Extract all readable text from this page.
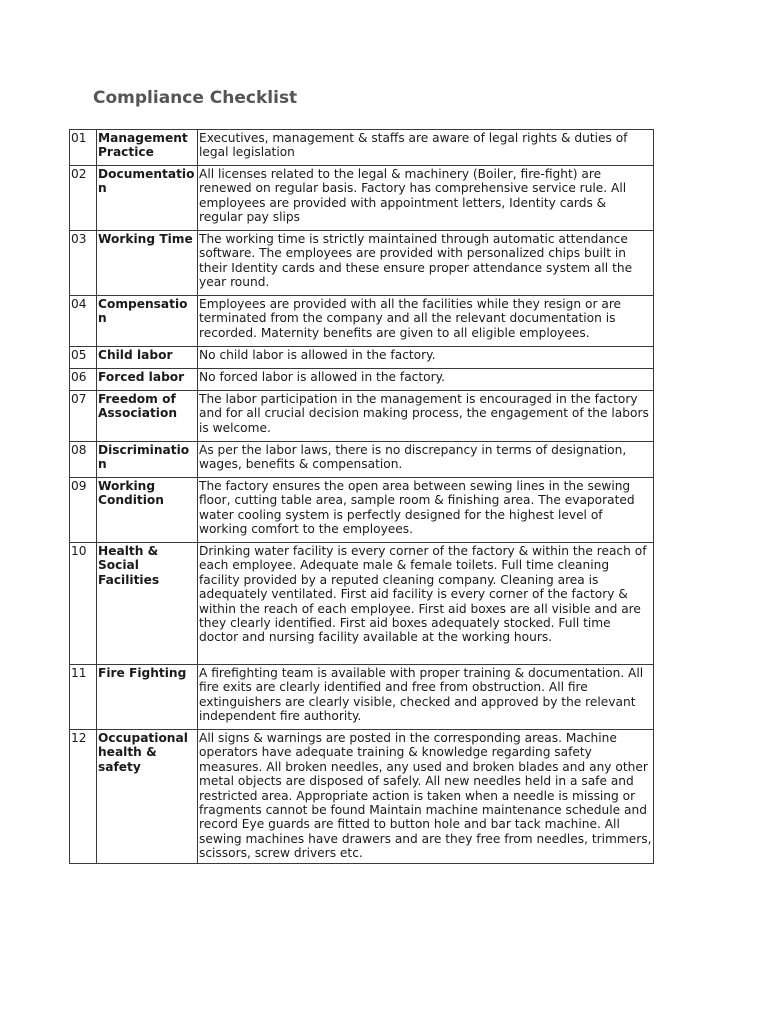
Compliance Checklist
01	Management Practice	Executives, management & staffs are aware of legal rights & duties of legal legislation
02	Documentation	All licenses related to the legal & machinery (Boiler, fire-fight) are renewed on regular basis. Factory has comprehensive service rule. All employees are provided with appointment letters, Identity cards & regular pay slips
03	Working Time	The working time is strictly maintained through automatic attendance software. The employees are provided with personalized chips built in their Identity cards and these ensure proper attendance system all the year round.
04	Compensation	Employees are provided with all the facilities while they resign or are terminated from the company and all the relevant documentation is recorded. Maternity benefits are given to all eligible employees.
05	Child labor	No child labor is allowed in the factory.
06	Forced labor	No forced labor is allowed in the factory.
07	Freedom of Association	The labor participation in the management is encouraged in the factory and for all crucial decision making process, the engagement of the labors is welcome.
08	Discrimination	As per the labor laws, there is no discrepancy in terms of designation, wages, benefits & compensation.
09	Working Condition	The factory ensures the open area between sewing lines in the sewing floor, cutting table area, sample room & finishing area. The evaporated water cooling system is perfectly designed for the highest level of working comfort to the employees.
10	Health & Social Facilities	Drinking water facility is every corner of the factory & within the reach of each employee. Adequate male & female toilets. Full time cleaning facility provided by a reputed cleaning company. Cleaning area is adequately ventilated. First aid facility is every corner of the factory & within the reach of each employee. First aid boxes are all visible and are they clearly identified. First aid boxes adequately stocked. Full time doctor and nursing facility available at the working hours.
11	Fire Fighting	A firefighting team is available with proper training & documentation. All fire exits are clearly identified and free from obstruction. All fire extinguishers are clearly visible, checked and approved by the relevant independent fire authority.
12	Occupational health & safety	All signs & warnings are posted in the corresponding areas. Machine operators have adequate training & knowledge regarding safety measures. All broken needles, any used and broken blades and any other metal objects are disposed of safely. All new needles held in a safe and restricted area. Appropriate action is taken when a needle is missing or fragments cannot be found Maintain machine maintenance schedule and record Eye guards are fitted to button hole and bar tack machine. All sewing machines have drawers and are they free from needles, trimmers, scissors, screw drivers etc.
